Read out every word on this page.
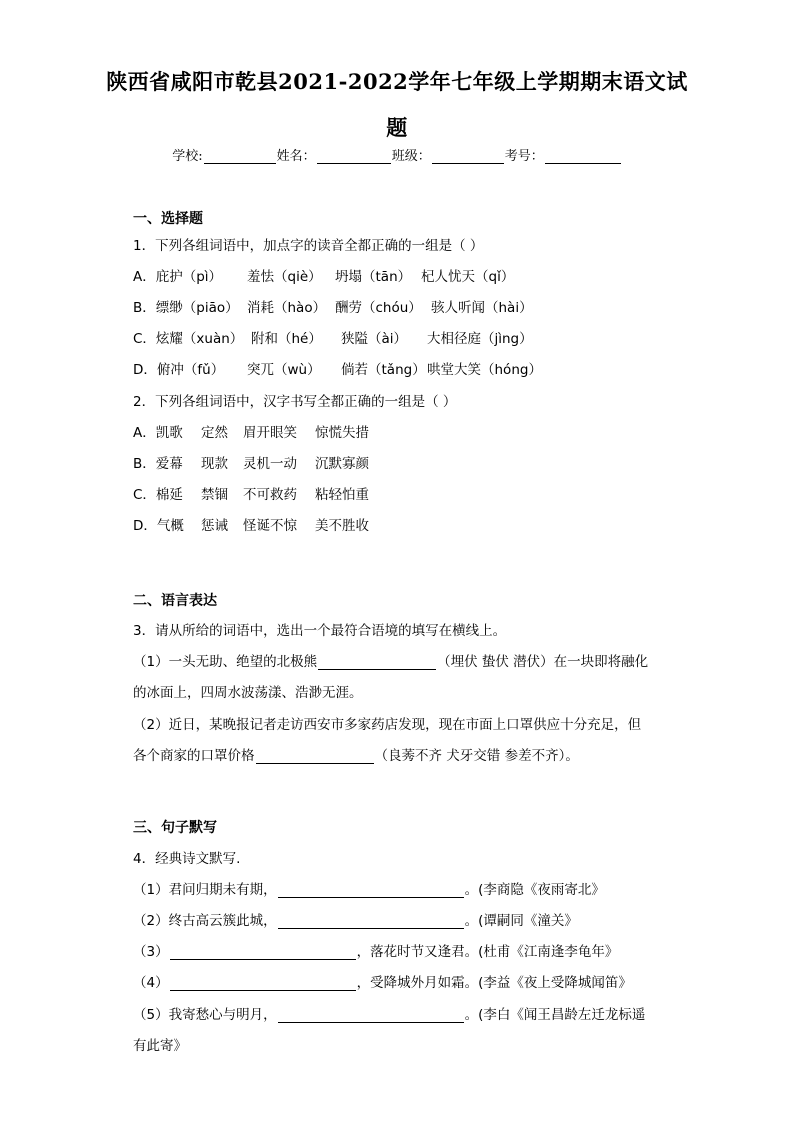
陕西省咸阳市乾县2021-2022学年七年级上学期期末语文试
题
学校:	姓名：	班级：	考号：
一、选择题
1．下列各组词语中，加点字的读音全都正确的一组是（ ）
A．庇护（pì） 羞怯（qiè） 坍塌（tān） 杞人忧天（qǐ）
B．缥缈（piāo） 消耗（hào） 酬劳（chóu） 骇人听闻（hài）
C．炫耀（xuàn） 附和（hé） 狭隘（ài） 大相径庭（jìng）
D．俯冲（fǔ） 突兀（wù） 倘若（tǎng）哄堂大笑（hóng）
2．下列各组词语中，汉字书写全都正确的一组是（ ）
A．凯歌 定然 眉开眼笑 惊慌失措
B．爱幕 现款 灵机一动 沉默寡颜
C．棉延 禁锢 不可救药 粘轻怕重
D．气概 惩诫 怪诞不惊 美不胜收
二、语言表达
3．请从所给的词语中，选出一个最符合语境的填写在横线上。
（1）一头无助、绝望的北极熊	（埋伏 蛰伏 潜伏）在一块即将融化
的冰面上，四周水波荡漾、浩渺无涯。
（2）近日，某晚报记者走访西安市多家药店发现，现在市面上口罩供应十分充足，但
各个商家的口罩价格	（良莠不齐 犬牙交错 参差不齐）。
三、句子默写
4．经典诗文默写.
（1）君问归期未有期，	。(李商隐《夜雨寄北》
（2）终古高云簇此城，	。(谭嗣同《潼关》
（3）	，落花时节又逢君。(杜甫《江南逢李龟年》
（4）	，受降城外月如霜。(李益《夜上受降城闻笛》
（5）我寄愁心与明月，	。(李白《闻王昌龄左迁龙标遥
有此寄》
